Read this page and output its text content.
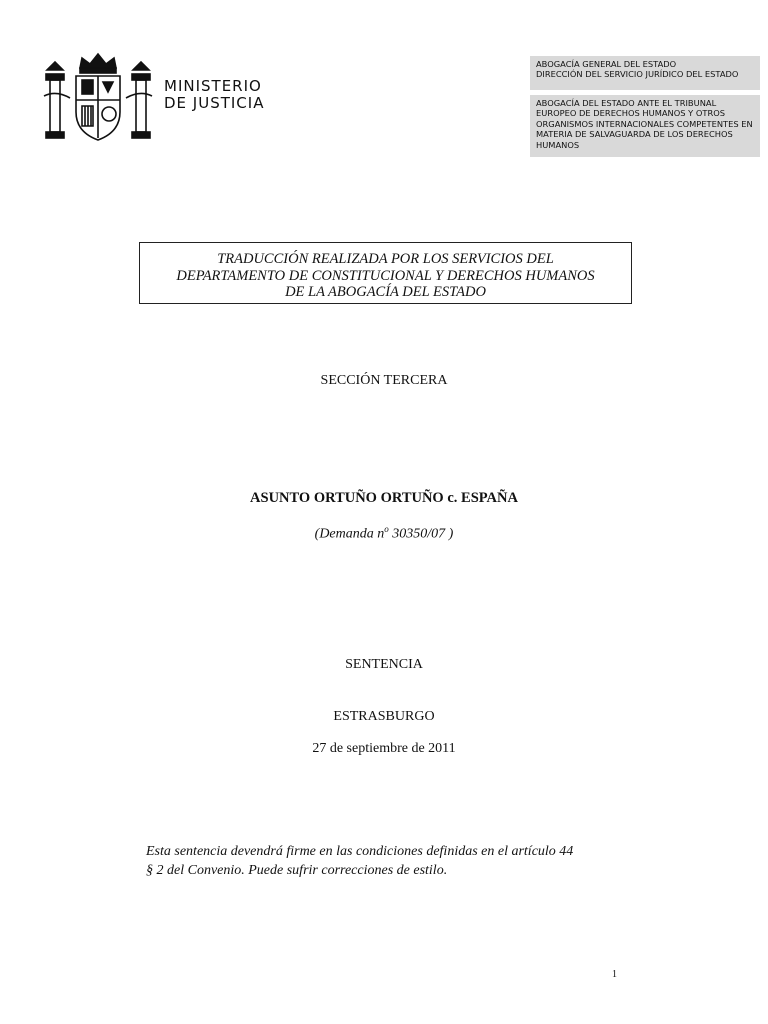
MINISTERIO
DE JUSTICIA
ABOGACÍA GENERAL DEL ESTADO
DIRECCIÓN DEL SERVICIO JURÍDICO DEL ESTADO
ABOGACÍA DEL ESTADO ANTE EL TRIBUNAL
EUROPEO DE DERECHOS HUMANOS Y OTROS
ORGANISMOS INTERNACIONALES COMPETENTES EN
MATERIA DE SALVAGUARDA DE LOS DERECHOS
HUMANOS
TRADUCCIÓN REALIZADA POR LOS SERVICIOS DEL
DEPARTAMENTO DE CONSTITUCIONAL Y DERECHOS HUMANOS
DE LA ABOGACÍA DEL ESTADO
SECCIÓN TERCERA
ASUNTO ORTUÑO ORTUÑO c. ESPAÑA
(Demanda $n^o$ 30350/07 )
SENTENCIA
ESTRASBURGO
27 de septiembre de 2011
Esta sentencia devendrá firme en las condiciones definidas en el artículo 44
§ 2 del Convenio. Puede sufrir correcciones de estilo.
1
